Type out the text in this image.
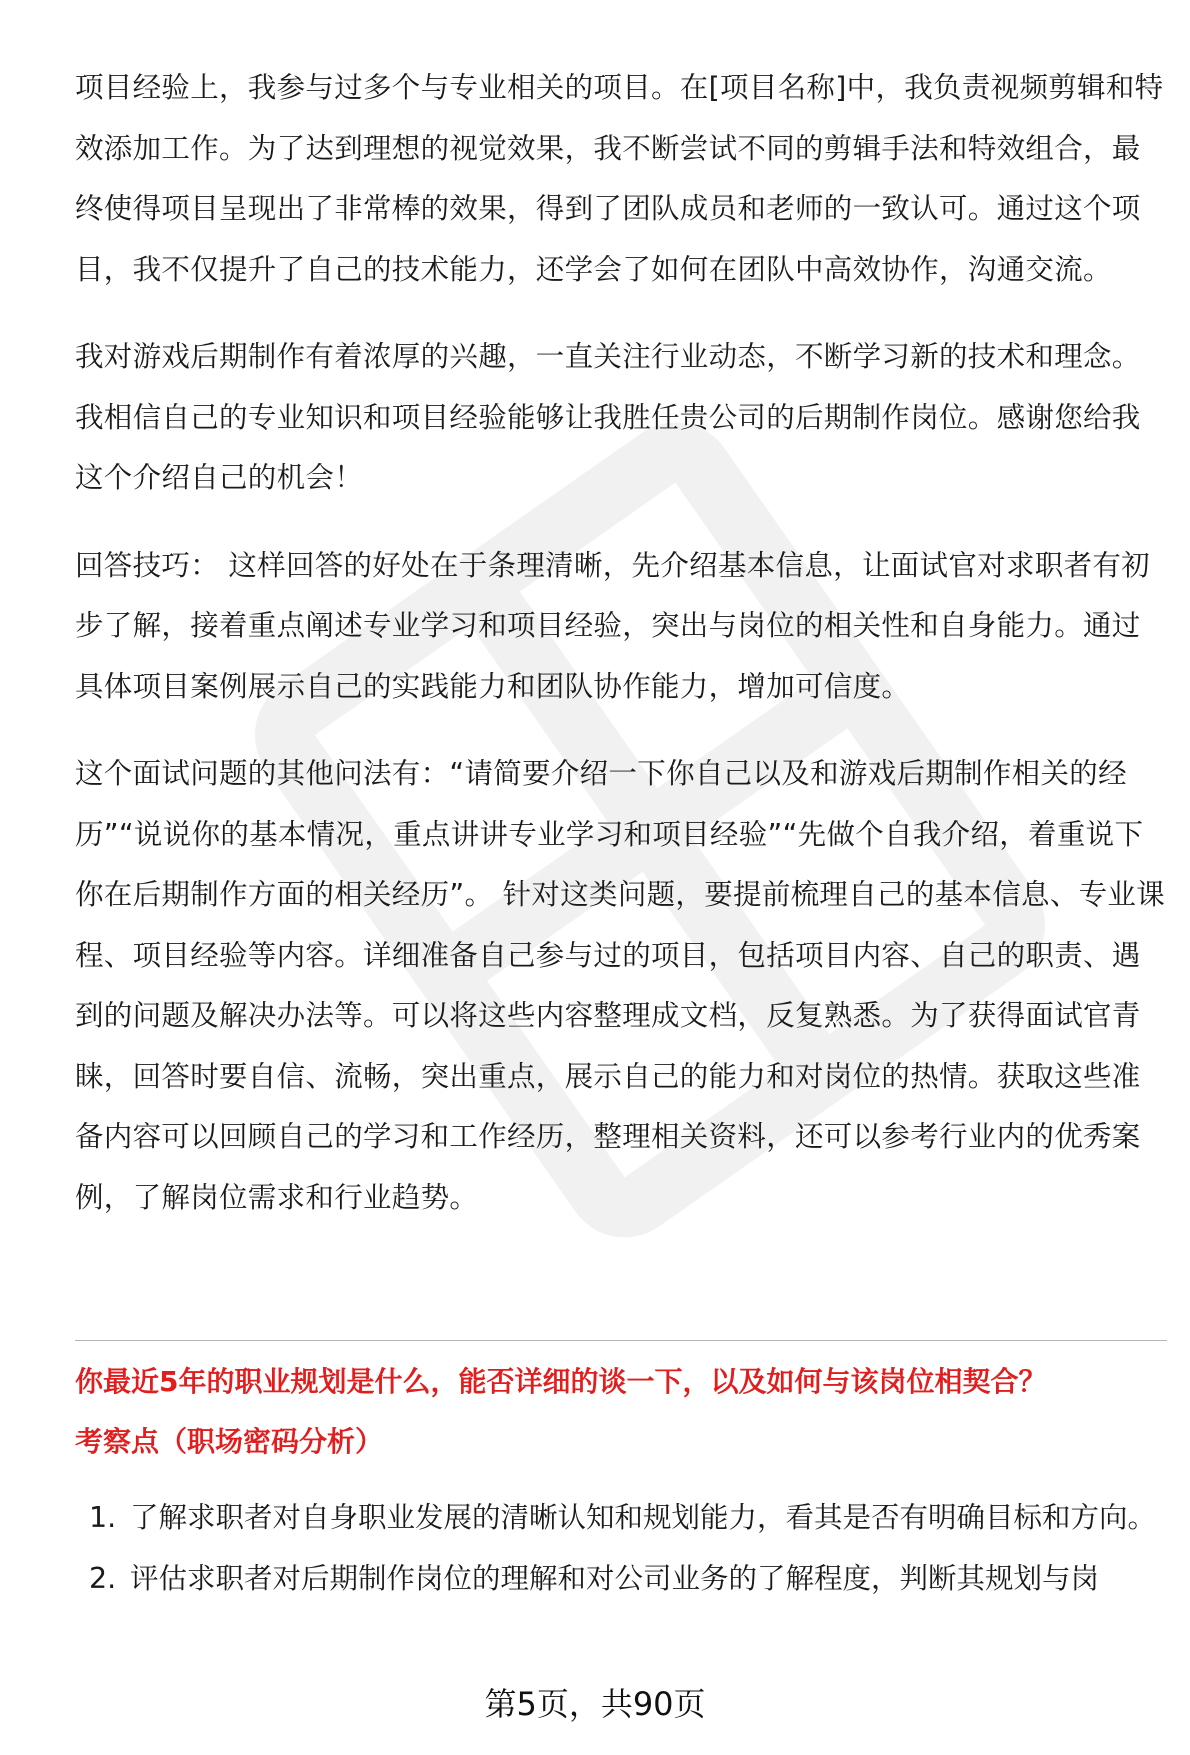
项目经验上，我参与过多个与专业相关的项目。在[项目名称]中，我负责视频剪辑和特效添加工作。为了达到理想的视觉效果，我不断尝试不同的剪辑手法和特效组合，最终使得项目呈现出了非常棒的效果，得到了团队成员和老师的一致认可。通过这个项目，我不仅提升了自己的技术能力，还学会了如何在团队中高效协作，沟通交流。

我对游戏后期制作有着浓厚的兴趣，一直关注行业动态，不断学习新的技术和理念。我相信自己的专业知识和项目经验能够让我胜任贵公司的后期制作岗位。感谢您给我这个介绍自己的机会！

回答技巧： 这样回答的好处在于条理清晰，先介绍基本信息，让面试官对求职者有初步了解，接着重点阐述专业学习和项目经验，突出与岗位的相关性和自身能力。通过具体项目案例展示自己的实践能力和团队协作能力，增加可信度。

这个面试问题的其他问法有：“请简要介绍一下你自己以及和游戏后期制作相关的经历”“说说你的基本情况，重点讲讲专业学习和项目经验”“先做个自我介绍，着重说下你在后期制作方面的相关经历”。 针对这类问题，要提前梳理自己的基本信息、专业课程、项目经验等内容。详细准备自己参与过的项目，包括项目内容、自己的职责、遇到的问题及解决办法等。可以将这些内容整理成文档，反复熟悉。为了获得面试官青睐，回答时要自信、流畅，突出重点，展示自己的能力和对岗位的热情。获取这些准备内容可以回顾自己的学习和工作经历，整理相关资料，还可以参考行业内的优秀案例，了解岗位需求和行业趋势。

你最近5年的职业规划是什么，能否详细的谈一下，以及如何与该岗位相契合？

考察点（职场密码分析）

1. 了解求职者对自身职业发展的清晰认知和规划能力，看其是否有明确目标和方向。
2. 评估求职者对后期制作岗位的理解和对公司业务的了解程度，判断其规划与岗
第5页，共90页
